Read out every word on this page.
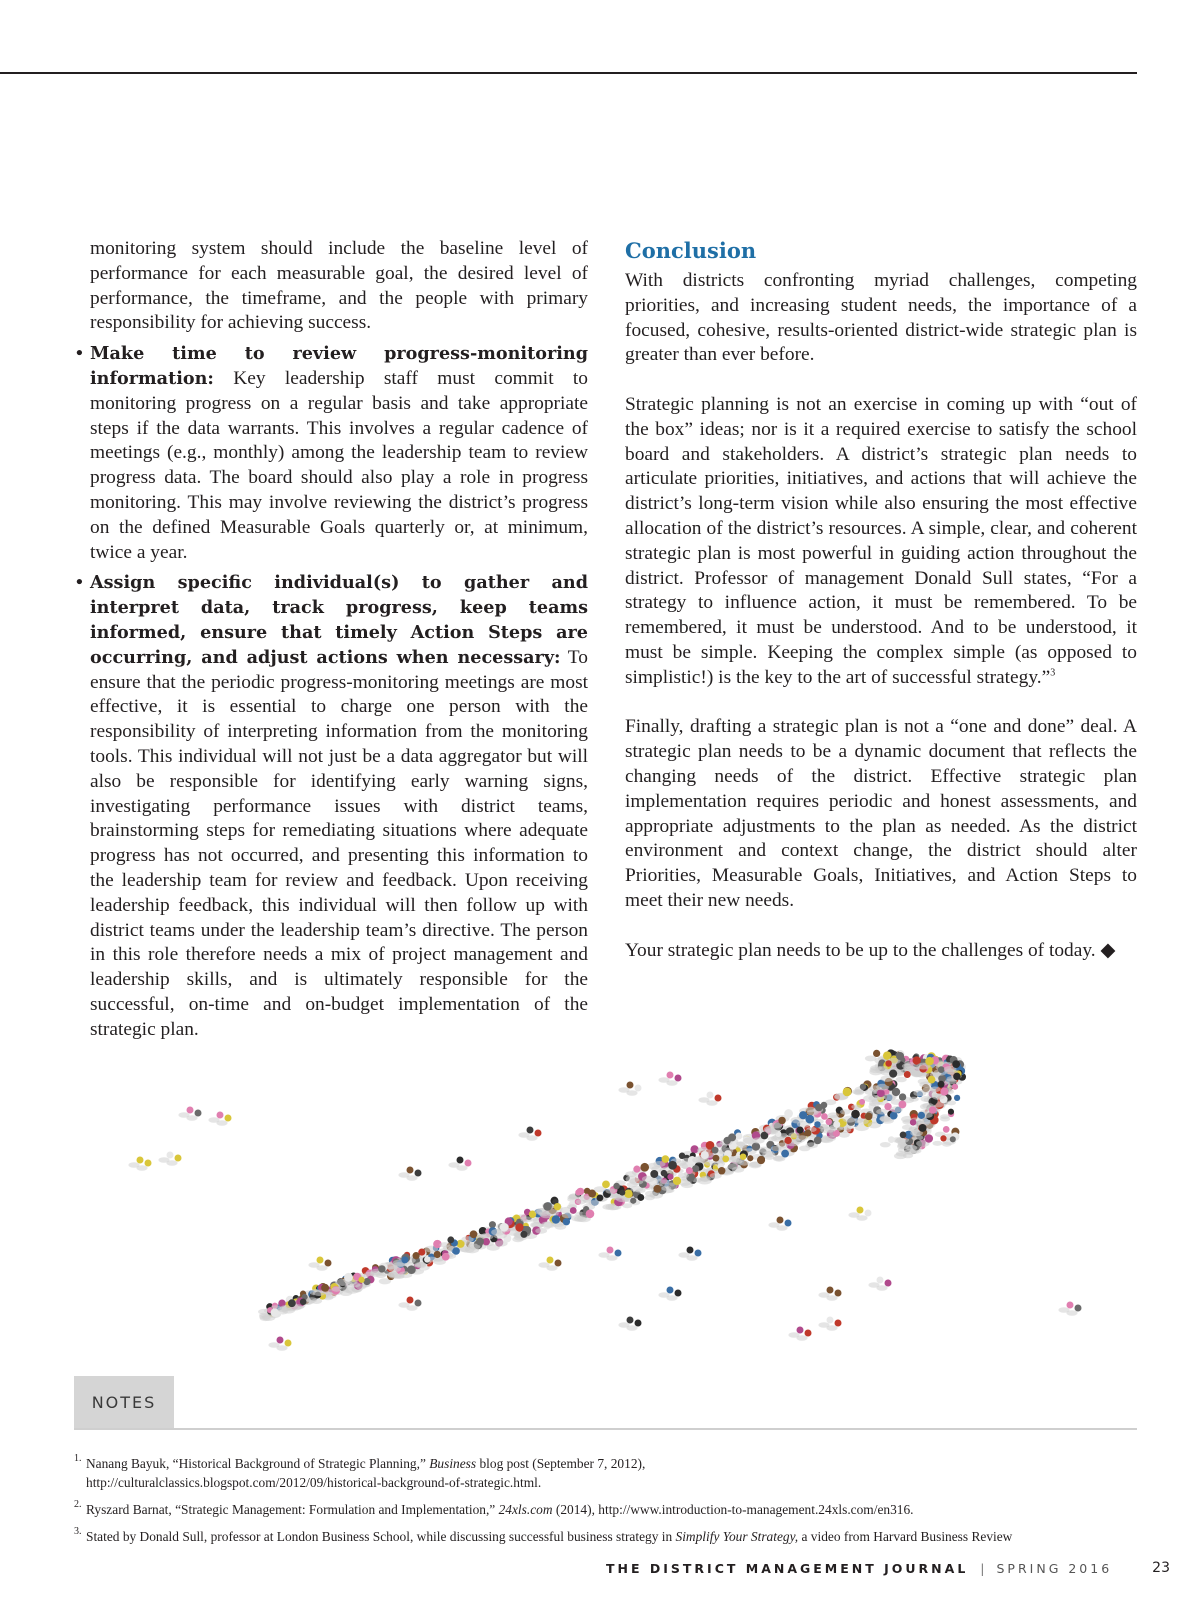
monitoring system should include the baseline level of performance for each measurable goal, the desired level of performance, the timeframe, and the people with primary responsibility for achieving success.

• Make time to review progress-monitoring information: Key leadership staff must commit to monitoring progress on a regular basis and take appropriate steps if the data warrants. This involves a regular cadence of meetings (e.g., monthly) among the leadership team to review progress data. The board should also play a role in progress monitoring. This may involve reviewing the district’s progress on the defined Measurable Goals quarterly or, at minimum, twice a year.

• Assign specific individual(s) to gather and interpret data, track progress, keep teams informed, ensure that timely Action Steps are occurring, and adjust actions when necessary: To ensure that the periodic progress-monitoring meetings are most effective, it is essential to charge one person with the responsibility of interpreting information from the monitoring tools. This individual will not just be a data aggregator but will also be responsible for identifying early warning signs, investigating performance issues with district teams, brainstorming steps for remediating situations where adequate progress has not occurred, and presenting this information to the leadership team for review and feedback. Upon receiving leadership feedback, this individual will then follow up with district teams under the leadership team’s directive. The person in this role therefore needs a mix of project management and leadership skills, and is ultimately responsible for the successful, on-time and on-budget implementation of the strategic plan.

Conclusion

With districts confronting myriad challenges, competing priorities, and increasing student needs, the importance of a focused, cohesive, results-oriented district-wide strategic plan is greater than ever before.

Strategic planning is not an exercise in coming up with “out of the box” ideas; nor is it a required exercise to satisfy the school board and stakeholders. A district’s strategic plan needs to articulate priorities, initiatives, and actions that will achieve the district’s long-term vision while also ensuring the most effective allocation of the district’s resources. A simple, clear, and coherent strategic plan is most powerful in guiding action throughout the district. Professor of management Donald Sull states, “For a strategy to influence action, it must be remembered. To be remembered, it must be understood. And to be understood, it must be simple. Keeping the complex simple (as opposed to simplistic!) is the key to the art of successful strategy.”$^3$

Finally, drafting a strategic plan is not a “one and done” deal. A strategic plan needs to be a dynamic document that reflects the changing needs of the district. Effective strategic plan implementation requires periodic and honest assessments, and appropriate adjustments to the plan as needed. As the district environment and context change, the district should alter Priorities, Measurable Goals, Initiatives, and Action Steps to meet their new needs.

Your strategic plan needs to be up to the challenges of today. ◆

NOTES
1. Nanang Bayuk, “Historical Background of Strategic Planning,” Business blog post (September 7, 2012),
http://culturalclassics.blogspot.com/2012/09/historical-background-of-strategic.html.
2. Ryszard Barnat, “Strategic Management: Formulation and Implementation,” 24xls.com (2014), http://www.introduction-to-management.24xls.com/en316.
3. Stated by Donald Sull, professor at London Business School, while discussing successful business strategy in Simplify Your Strategy, a video from Harvard Business Review
THE DISTRICT MANAGEMENT JOURNAL | SPRING 2016	23
